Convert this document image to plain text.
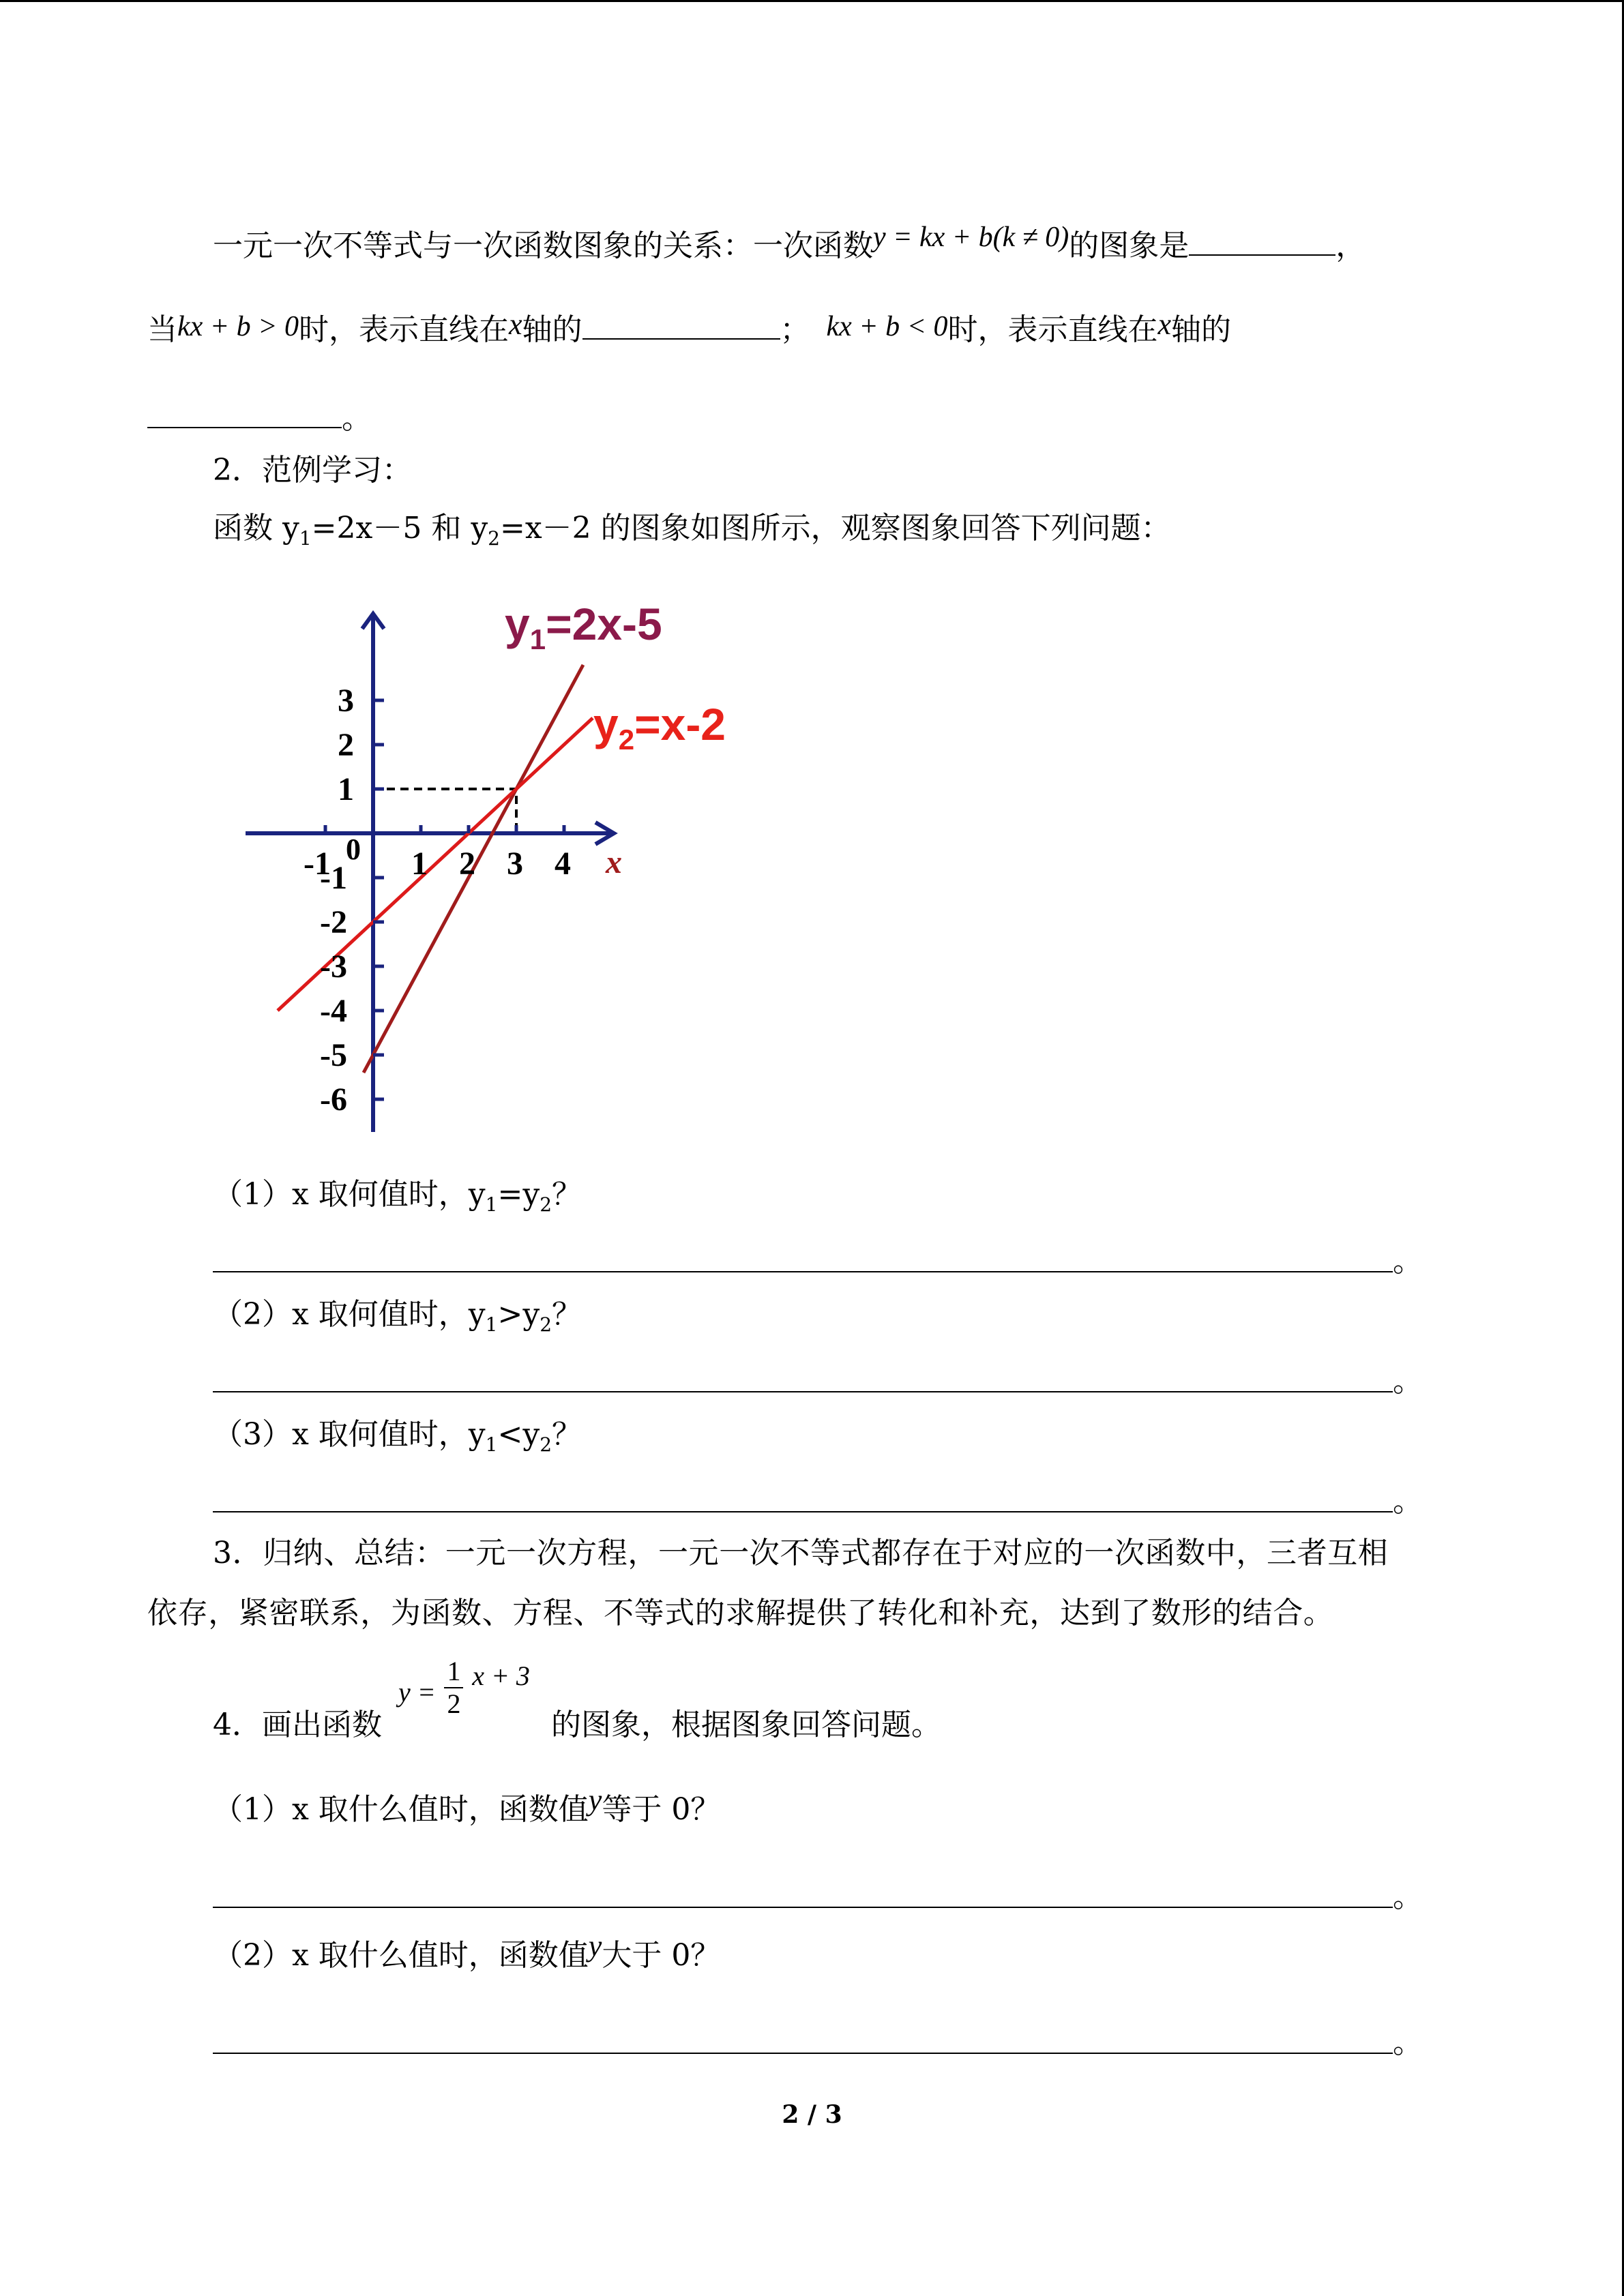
一元一次不等式与一次函数图象的关系：一次函数y = kx + b(k ≠ 0)的图象是	，
当kx + b > 0时，表示直线在x轴的	； kx + b < 0时，表示直线在x轴的
。
2．范例学习：
函数 $y_1=2x-5$ 和 $y_2=x-2$ 的图象如图所示，观察图象回答下列问题：
-1 1 2 3 4
0
3
2
1
-1
-2
-3
-4
-5
-6
x
$y_1=2x-5$
$y_2=x-2$
（1）x 取何值时，$y_1=y_2$？
。
（2）x 取何值时，$y_1>y_2$？
。
（3）x 取何值时，$y_1<y_2$？
。
3．归纳、总结：一元一次方程，一元一次不等式都存在于对应的一次函数中，三者互相
依存，紧密联系，为函数、方程、不等式的求解提供了转化和补充，达到了数形的结合。
4．画出函数
$y = \frac{1}{2}$ x + 3
的图象，根据图象回答问题。
（1）x 取什么值时，函数值y等于 0？
。
（2）x 取什么值时，函数值y大于 0？
。
2 / 3
